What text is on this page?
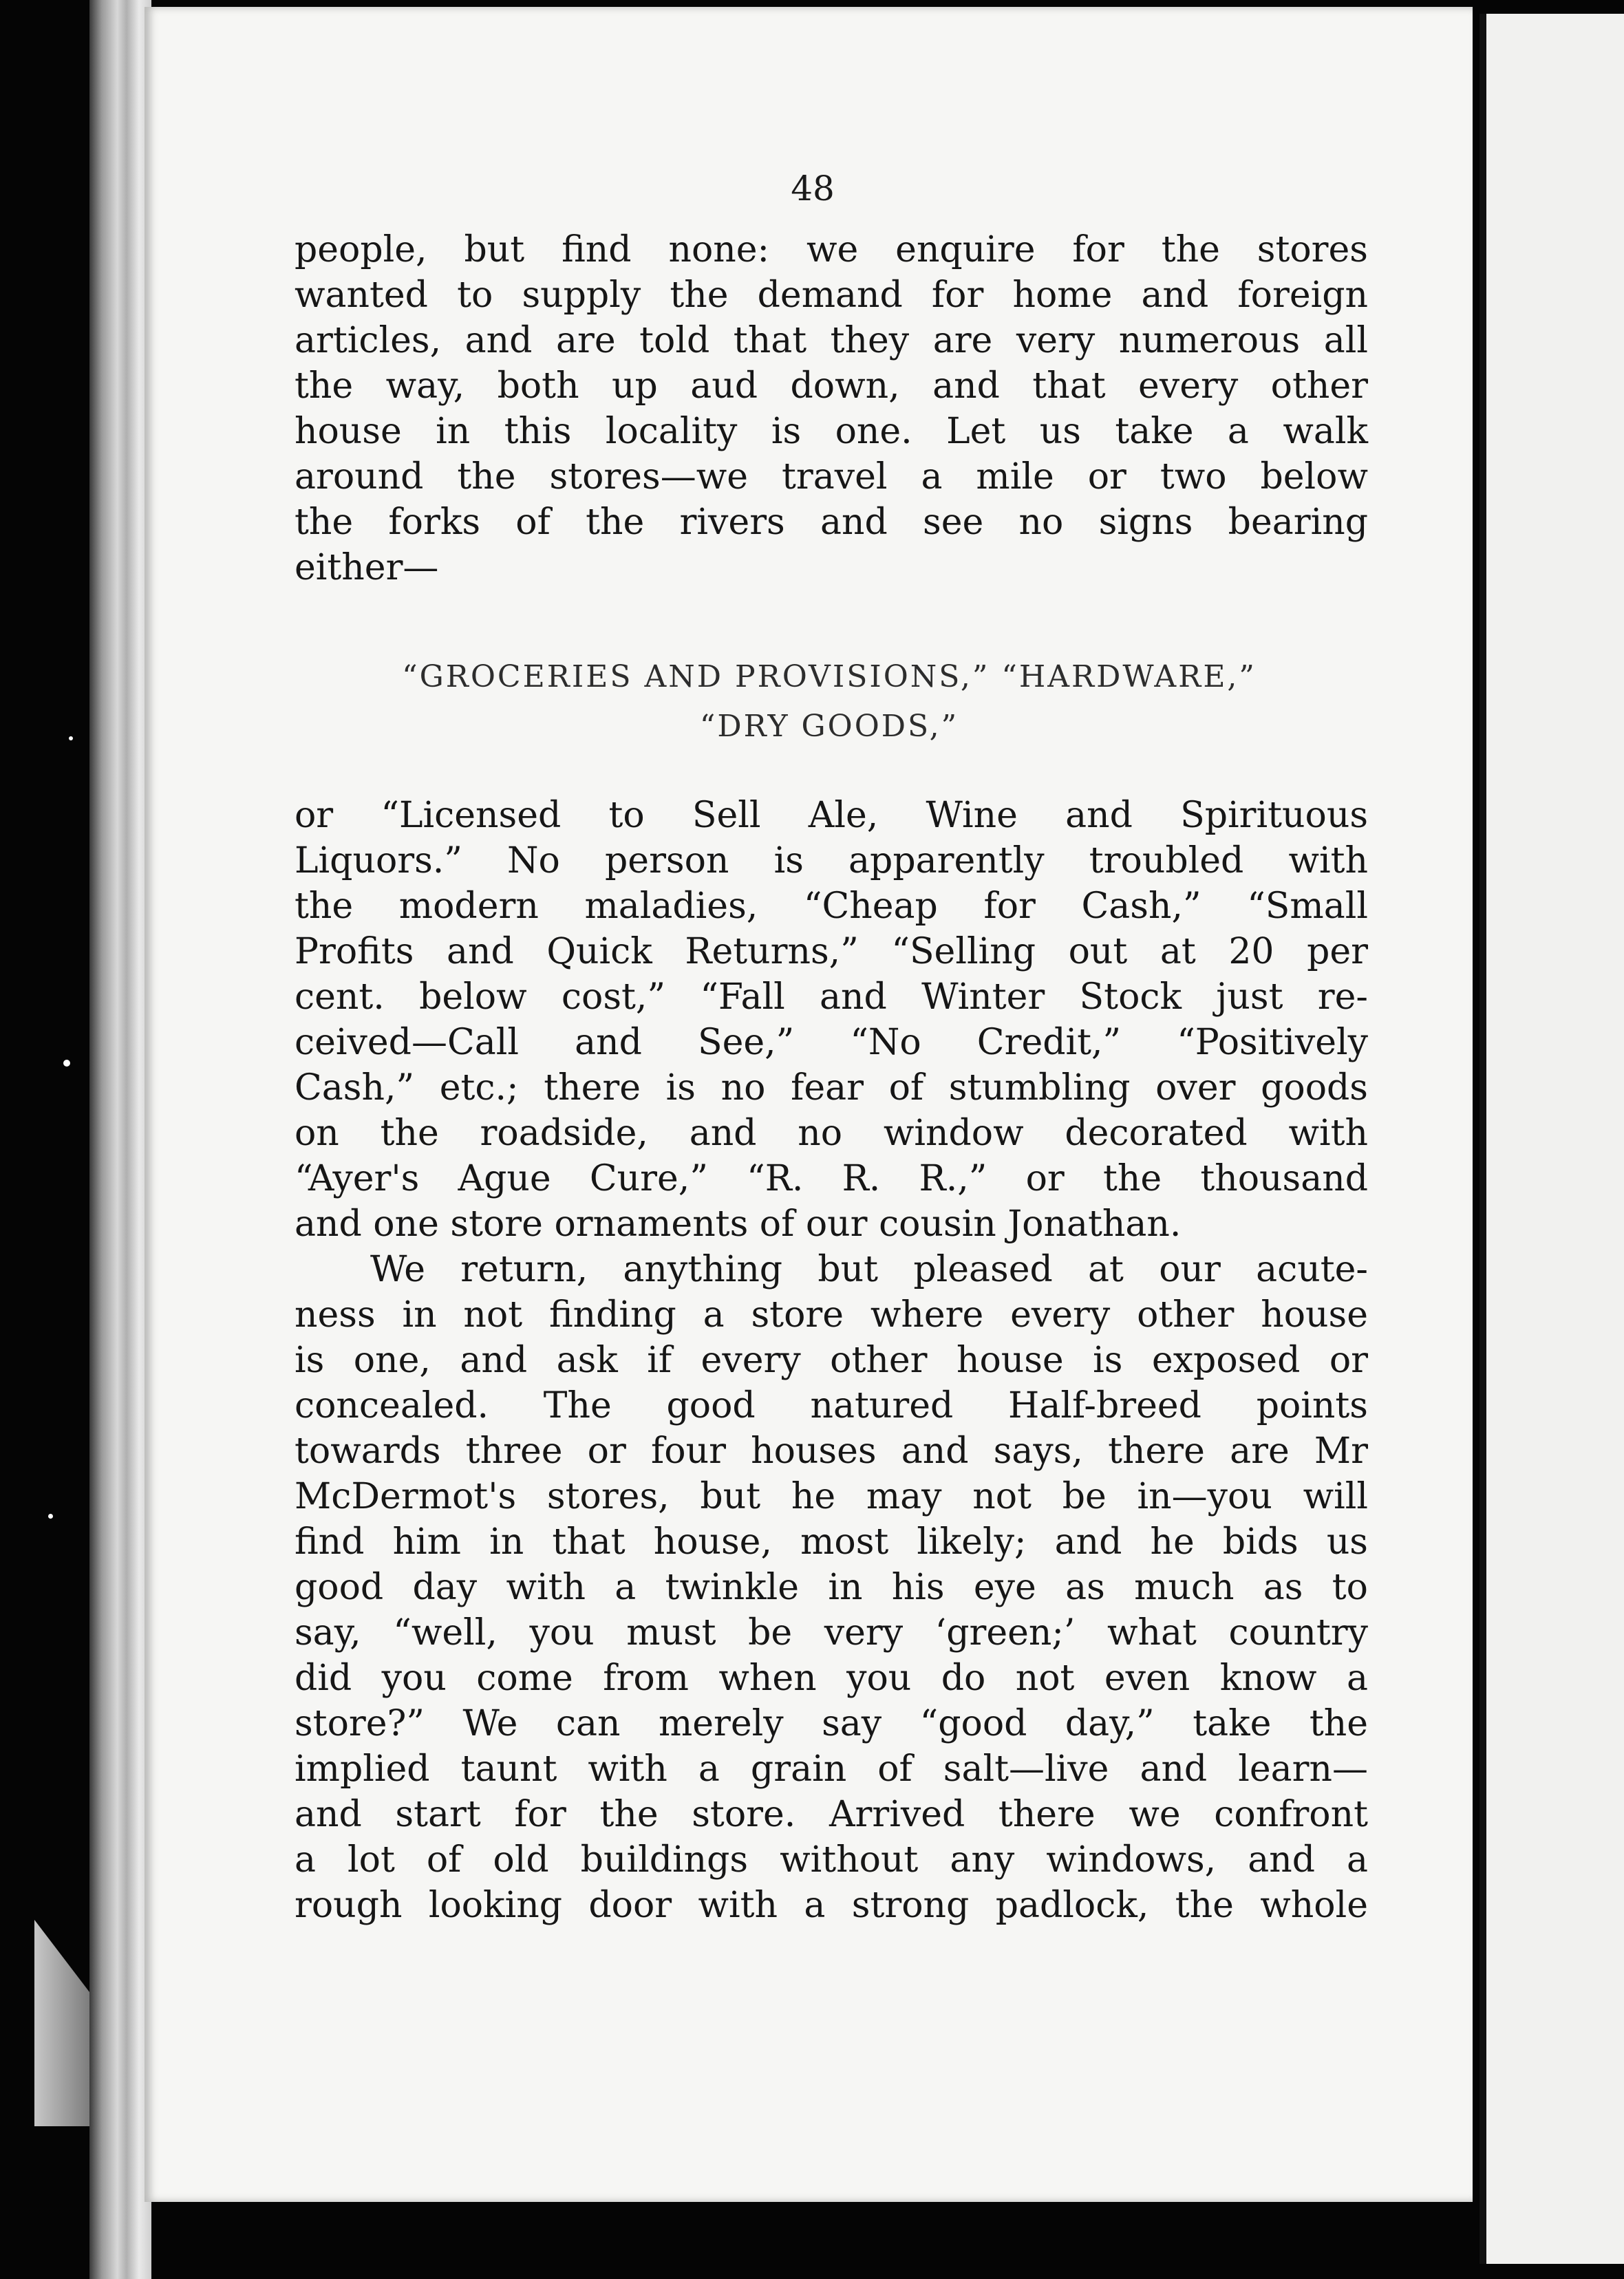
48
people, but find none: we enquire for the stores
wanted to supply the demand for home and foreign
articles, and are told that they are very numerous all
the way, both up aud down, and that every other
house in this locality is one. Let us take a walk
around the stores—we travel a mile or two below
the forks of the rivers and see no signs bearing
either—
“GROCERIES AND PROVISIONS,” “HARDWARE,”
“DRY GOODS,”
or “Licensed to Sell Ale, Wine and Spirituous
Liquors.” No person is apparently troubled with
the modern maladies, “Cheap for Cash,” “Small
Profits and Quick Returns,” “Selling out at 20 per
cent. below cost,” “Fall and Winter Stock just re-
ceived—Call and See,” “No Credit,” “Positively
Cash,” etc.; there is no fear of stumbling over goods
on the roadside, and no window decorated with
“Ayer's Ague Cure,” “R. R. R.,” or the thousand
and one store ornaments of our cousin Jonathan.
We return, anything but pleased at our acute-
ness in not finding a store where every other house
is one, and ask if every other house is exposed or
concealed. The good natured Half-breed points
towards three or four houses and says, there are Mr
McDermot's stores, but he may not be in—you will
find him in that house, most likely; and he bids us
good day with a twinkle in his eye as much as to
say, “well, you must be very ‘green;’ what country
did you come from when you do not even know a
store?” We can merely say “good day,” take the
implied taunt with a grain of salt—live and learn—
and start for the store. Arrived there we confront
a lot of old buildings without any windows, and a
rough looking door with a strong padlock, the whole
